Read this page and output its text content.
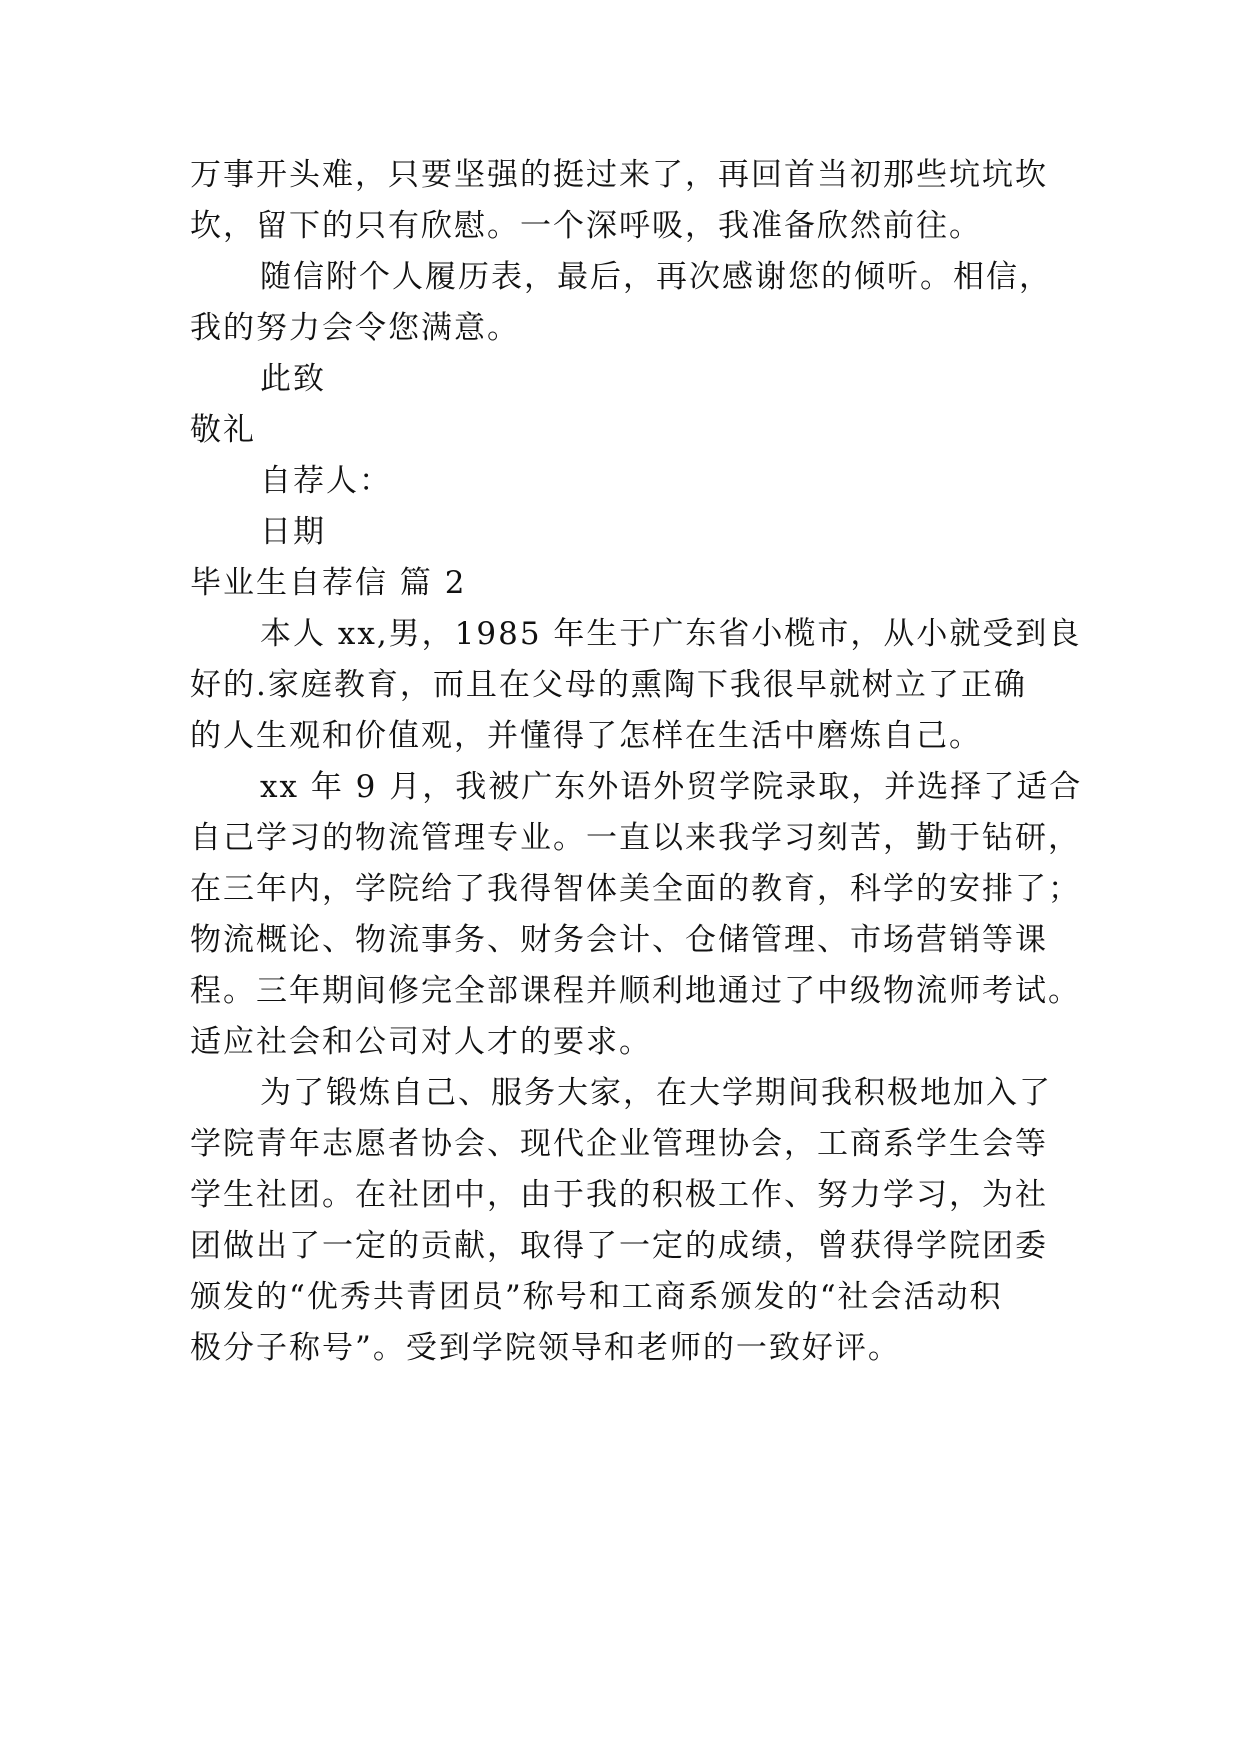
万事开头难，只要坚强的挺过来了，再回首当初那些坑坑坎
坎，留下的只有欣慰。一个深呼吸，我准备欣然前往。
随信附个人履历表，最后，再次感谢您的倾听。相信，
我的努力会令您满意。
此致
敬礼
自荐人：
日期
毕业生自荐信 篇 2
本人 xx,男，1985 年生于广东省小榄市，从小就受到良
好的.家庭教育，而且在父母的熏陶下我很早就树立了正确
的人生观和价值观，并懂得了怎样在生活中磨炼自己。
xx 年 9 月，我被广东外语外贸学院录取，并选择了适合
自己学习的物流管理专业。一直以来我学习刻苦，勤于钻研，
在三年内，学院给了我得智体美全面的教育，科学的安排了；
物流概论、物流事务、财务会计、仓储管理、市场营销等课
程。三年期间修完全部课程并顺利地通过了中级物流师考试。
适应社会和公司对人才的要求。
为了锻炼自己、服务大家，在大学期间我积极地加入了
学院青年志愿者协会、现代企业管理协会，工商系学生会等
学生社团。在社团中，由于我的积极工作、努力学习，为社
团做出了一定的贡献，取得了一定的成绩，曾获得学院团委
颁发的“优秀共青团员”称号和工商系颁发的“社会活动积
极分子称号”。受到学院领导和老师的一致好评。
